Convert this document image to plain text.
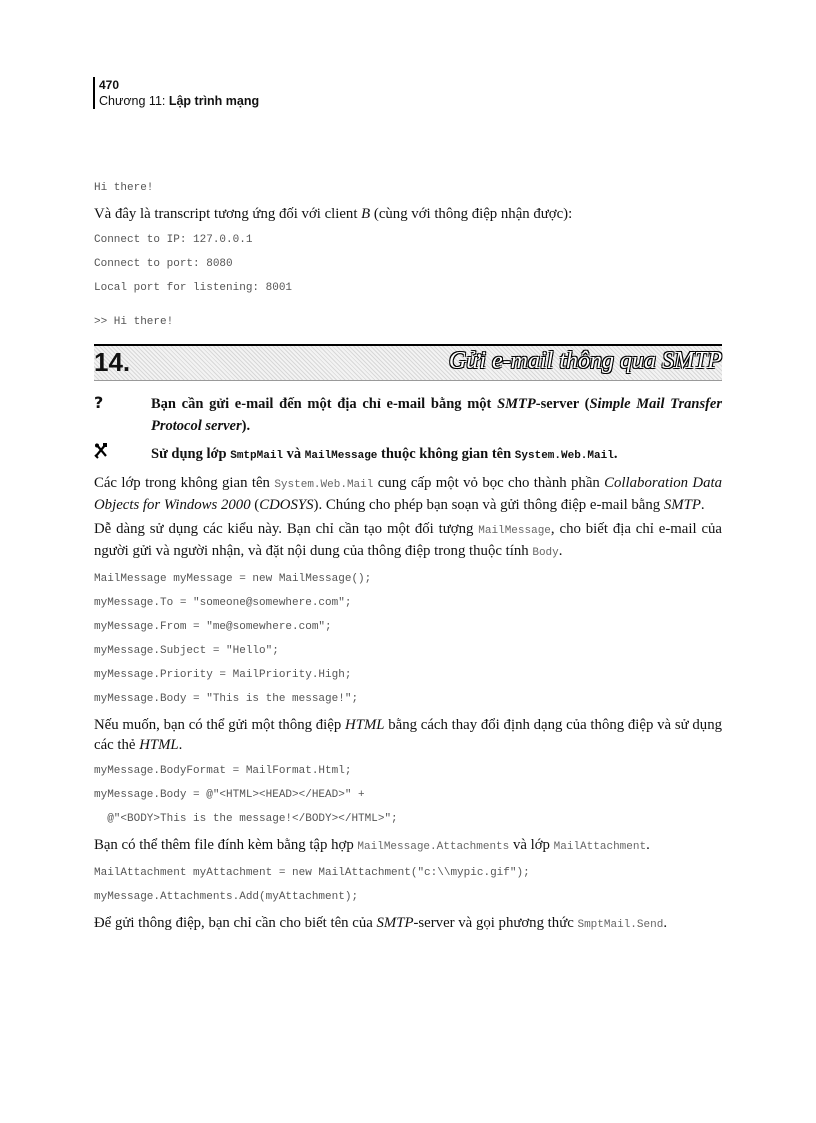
470
Chương 11: Lập trình mạng
Hi there!

Và đây là transcript tương ứng đối với client B (cùng với thông điệp nhận được):

Connect to IP: 127.0.0.1
Connect to port: 8080
Local port for listening: 8001
>> Hi there!
14.	Gửi e-mail thông qua SMTP
?	Bạn cần gửi e-mail đến một địa chỉ e-mail bằng một SMTP-server (Simple Mail Transfer Protocol server).
Sử dụng lớp SmtpMail và MailMessage thuộc không gian tên System.Web.Mail.

Các lớp trong không gian tên System.Web.Mail cung cấp một vỏ bọc cho thành phần Collaboration Data Objects for Windows 2000 (CDOSYS). Chúng cho phép bạn soạn và gửi thông điệp e-mail bằng SMTP.

Dễ dàng sử dụng các kiểu này. Bạn chỉ cần tạo một đối tượng MailMessage, cho biết địa chỉ e-mail của người gửi và người nhận, và đặt nội dung của thông điệp trong thuộc tính Body.

MailMessage myMessage = new MailMessage();
myMessage.To = "someone@somewhere.com";
myMessage.From = "me@somewhere.com";
myMessage.Subject = "Hello";
myMessage.Priority = MailPriority.High;
myMessage.Body = "This is the message!";

Nếu muốn, bạn có thể gửi một thông điệp HTML bằng cách thay đổi định dạng của thông điệp và sử dụng các thẻ HTML.

myMessage.BodyFormat = MailFormat.Html;
myMessage.Body = @"<HTML><HEAD></HEAD>" +
@"<BODY>This is the message!</BODY></HTML>";

Bạn có thể thêm file đính kèm bằng tập hợp MailMessage.Attachments và lớp MailAttachment.

MailAttachment myAttachment = new MailAttachment("c:\\mypic.gif");
myMessage.Attachments.Add(myAttachment);

Để gửi thông điệp, bạn chỉ cần cho biết tên của SMTP-server và gọi phương thức SmptMail.Send.
